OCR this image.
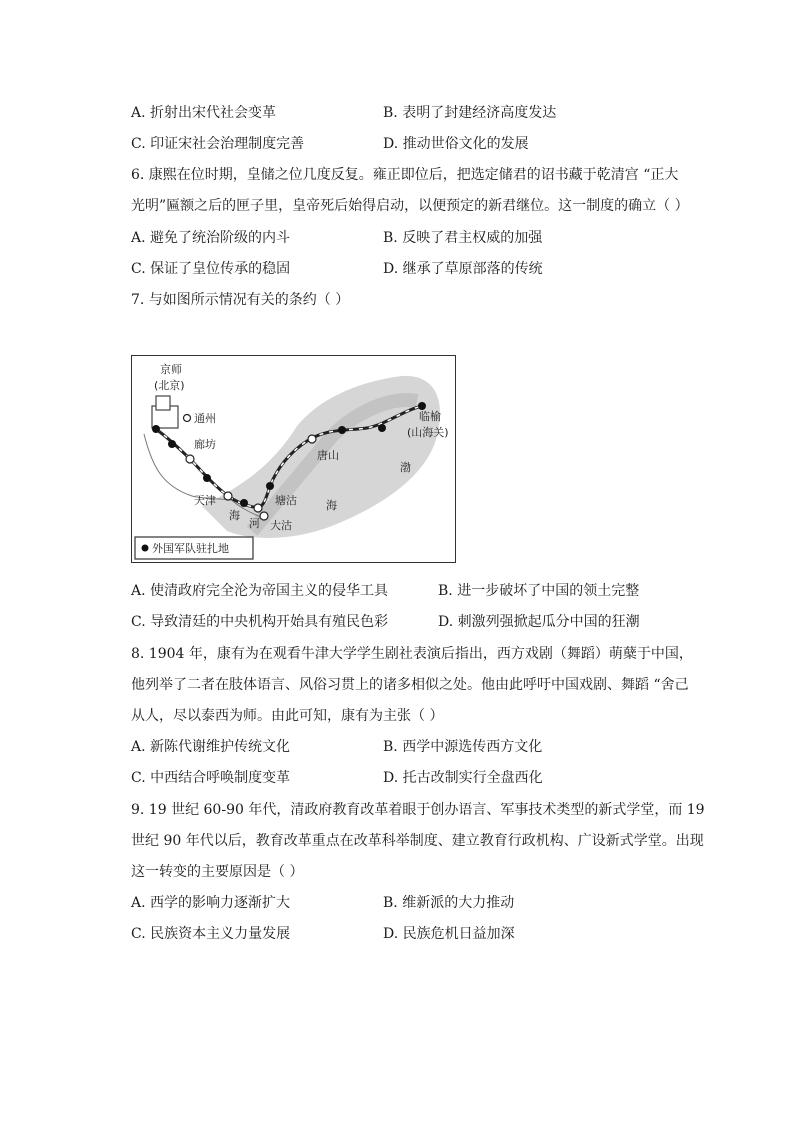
A. 折射出宋代社会变革	B. 表明了封建经济高度发达
C. 印证宋社会治理制度完善	D. 推动世俗文化的发展
6. 康熙在位时期，皇储之位几度反复。雍正即位后，把选定储君的诏书藏于乾清宫 “正大
光明”匾额之后的匣子里，皇帝死后始得启动，以便预定的新君继位。这一制度的确立（ ）
A. 避免了统治阶级的内斗	B. 反映了君主权威的加强
C. 保证了皇位传承的稳固	D. 继承了草原部落的传统
7. 与如图所示情况有关的条约（ ）
京师
(北京)
通州
廊坊
天津	塘沽
大沽
海
河
唐山
临榆
(山海关)
渤
海
外国军队驻扎地
A. 使清政府完全沦为帝国主义的侵华工具	B. 进一步破坏了中国的领土完整
C. 导致清廷的中央机构开始具有殖民色彩	D. 刺激列强掀起瓜分中国的狂潮
8. 1904 年，康有为在观看牛津大学学生剧社表演后指出，西方戏剧（舞蹈）萌蘖于中国，
他列举了二者在肢体语言、风俗习贯上的诸多相似之处。他由此呼吁中国戏剧、舞蹈 “舍己
从人，尽以泰西为师。由此可知，康有为主张（ ）
A. 新陈代谢维护传统文化	B. 西学中源选传西方文化
C. 中西结合呼唤制度变革	D. 托古改制实行全盘西化
9. 19 世纪 60-90 年代，清政府教育改革着眼于创办语言、军事技术类型的新式学堂，而 19
世纪 90 年代以后，教育改革重点在改革科举制度、建立教育行政机构、广设新式学堂。出现
这一转变的主要原因是（ ）
A. 西学的影响力逐渐扩大	B. 维新派的大力推动
C. 民族资本主义力量发展	D. 民族危机日益加深
